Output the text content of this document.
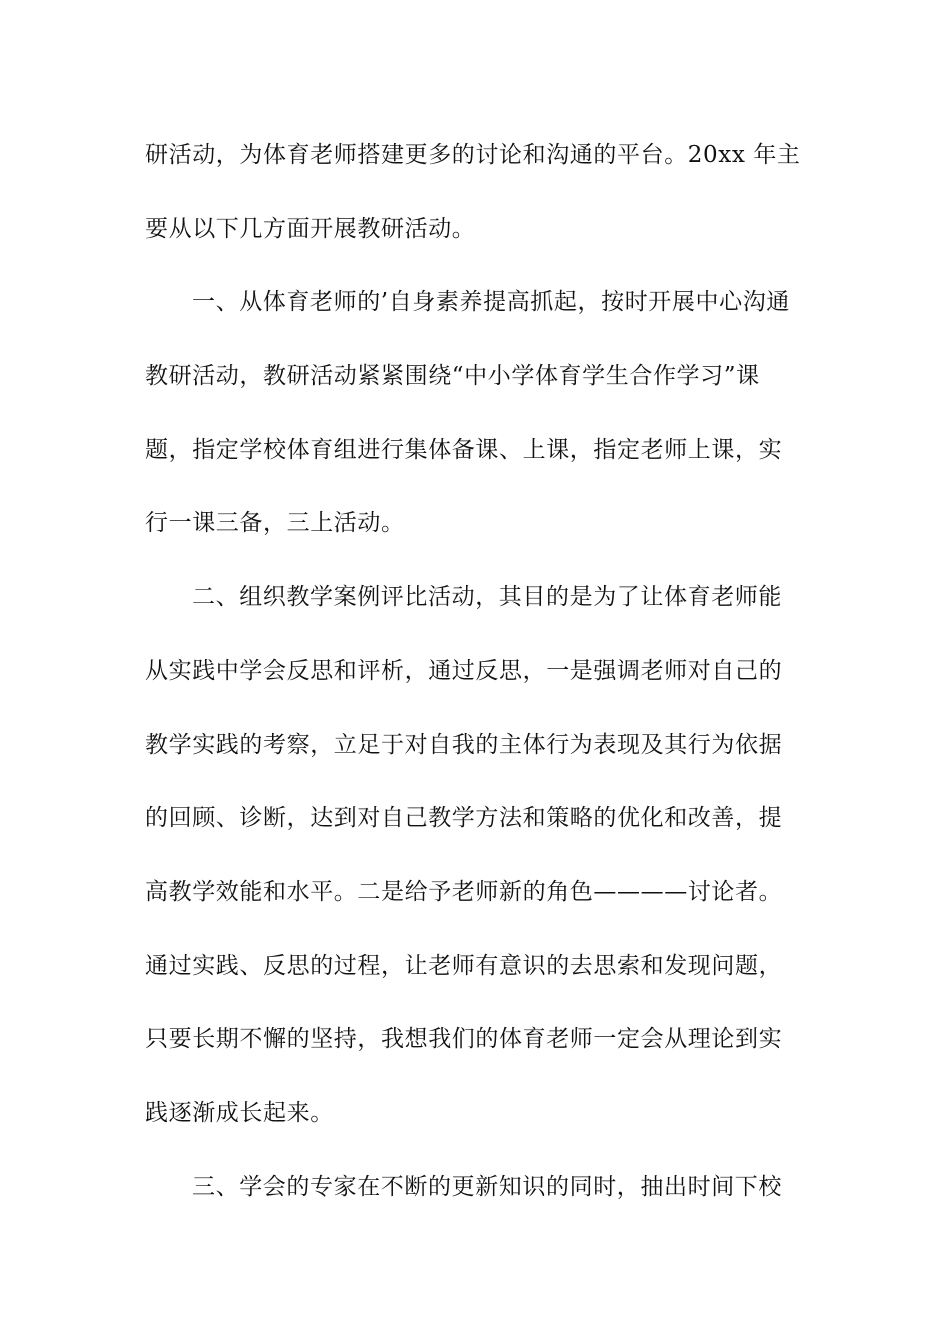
研活动，为体育老师搭建更多的讨论和沟通的平台。20xx 年主
要从以下几方面开展教研活动。
一、从体育老师的’自身素养提高抓起，按时开展中心沟通
教研活动，教研活动紧紧围绕“中小学体育学生合作学习”课
题，指定学校体育组进行集体备课、上课，指定老师上课，实
行一课三备，三上活动。
二、组织教学案例评比活动，其目的是为了让体育老师能
从实践中学会反思和评析，通过反思，一是强调老师对自己的
教学实践的考察，立足于对自我的主体行为表现及其行为依据
的回顾、诊断，达到对自己教学方法和策略的优化和改善，提
高教学效能和水平。二是给予老师新的角色————讨论者。
通过实践、反思的过程，让老师有意识的去思索和发现问题，
只要长期不懈的坚持，我想我们的体育老师一定会从理论到实
践逐渐成长起来。
三、学会的专家在不断的更新知识的同时，抽出时间下校
